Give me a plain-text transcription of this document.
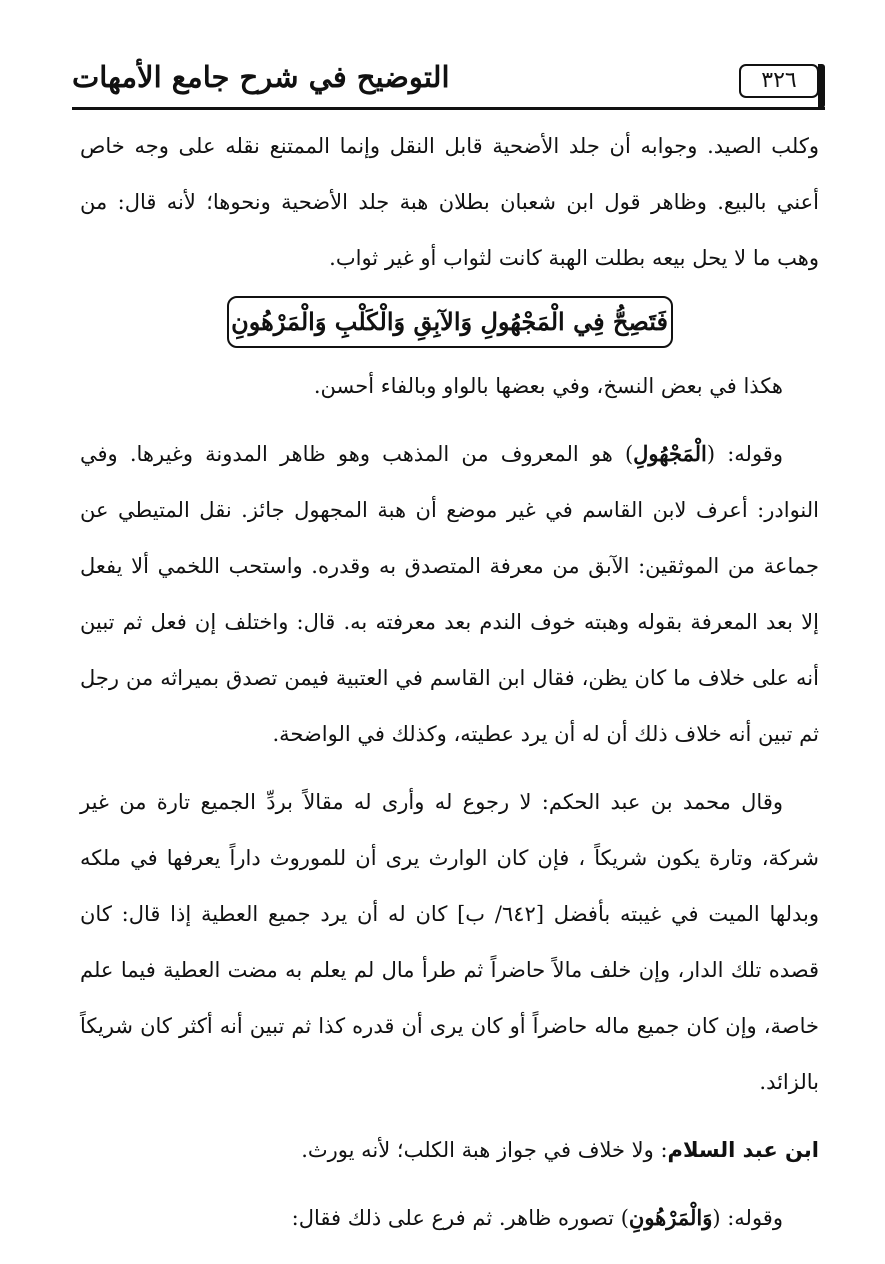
التوضيح في شرح جامع الأمهات	٣٢٦

وكلب الصيد. وجوابه أن جلد الأضحية قابل النقل وإنما الممتنع نقله على وجه خاص أعني بالبيع. وظاهر قول ابن شعبان بطلان هبة جلد الأضحية ونحوها؛ لأنه قال: من وهب ما لا يحل بيعه بطلت الهبة كانت لثواب أو غير ثواب.

فَتَصِحُّ فِي الْمَجْهُولِ وَالآبِقِ وَالْكَلْبِ وَالْمَرْهُونِ

هكذا في بعض النسخ، وفي بعضها بالواو وبالفاء أحسن.

وقوله: (الْمَجْهُولِ) هو المعروف من المذهب وهو ظاهر المدونة وغيرها. وفي النوادر: أعرف لابن القاسم في غير موضع أن هبة المجهول جائز. نقل المتيطي عن جماعة من الموثقين: الآبق من معرفة المتصدق به وقدره. واستحب اللخمي ألا يفعل إلا بعد المعرفة بقوله وهبته خوف الندم بعد معرفته به. قال: واختلف إن فعل ثم تبين أنه على خلاف ما كان يظن، فقال ابن القاسم في العتبية فيمن تصدق بميراثه من رجل ثم تبين أنه خلاف ذلك أن له أن يرد عطيته، وكذلك في الواضحة.

وقال محمد بن عبد الحكم: لا رجوع له وأرى له مقالاً بردِّ الجميع تارة من غير شركة، وتارة يكون شريكاً ، فإن كان الوارث يرى أن للموروث داراً يعرفها في ملكه وبدلها الميت في غيبته بأفضل [٦٤٢/ ب] كان له أن يرد جميع العطية إذا قال: كان قصده تلك الدار، وإن خلف مالاً حاضراً ثم طرأ مال لم يعلم به مضت العطية فيما علم خاصة، وإن كان جميع ماله حاضراً أو كان يرى أن قدره كذا ثم تبين أنه أكثر كان شريكاً بالزائد.

ابن عبد السلام: ولا خلاف في جواز هبة الكلب؛ لأنه يورث.

وقوله: (وَالْمَرْهُونِ) تصوره ظاهر. ثم فرع على ذلك فقال:
